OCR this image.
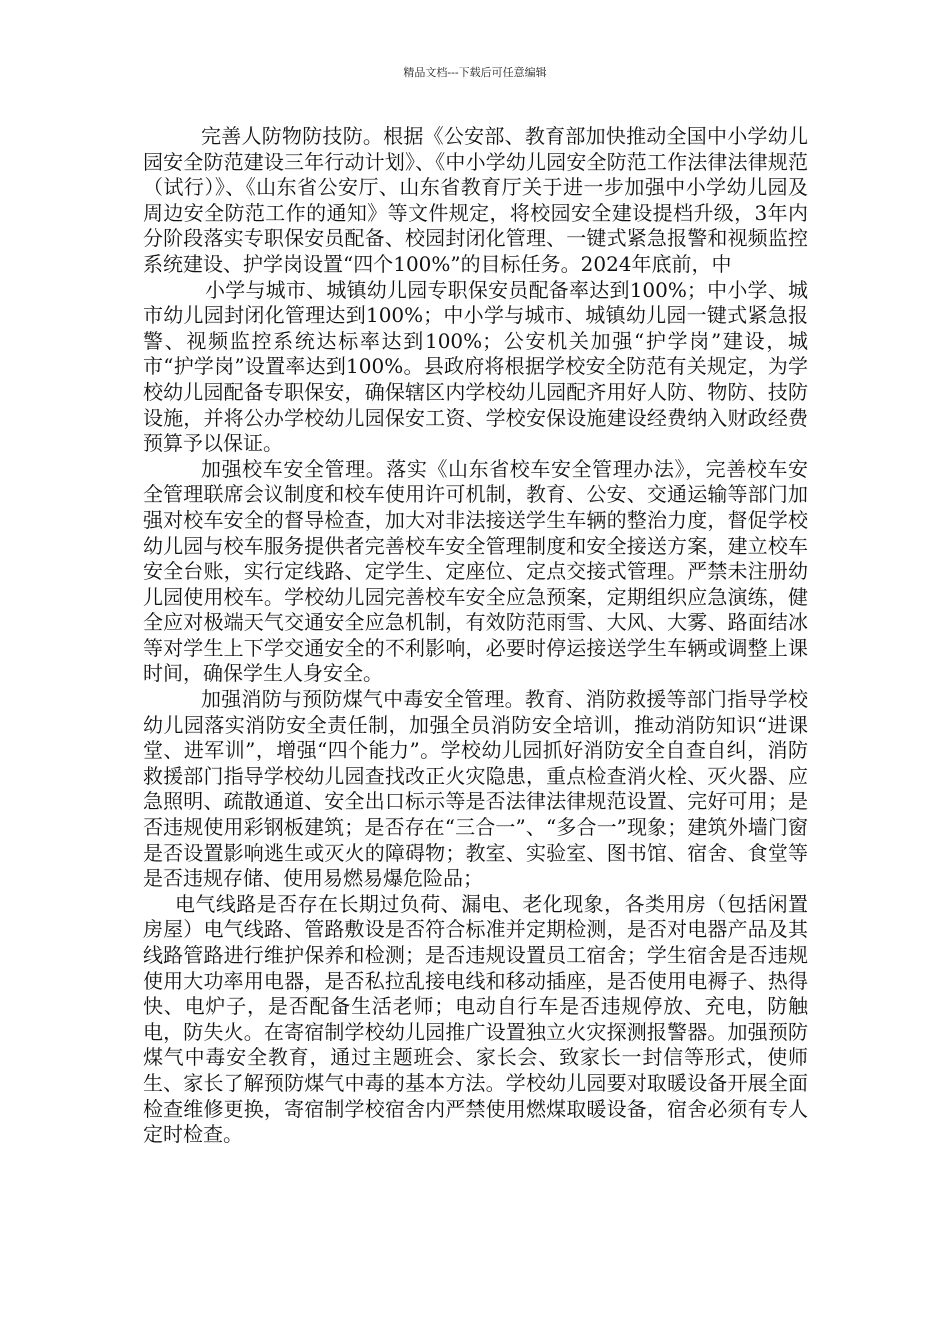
精品文档---下载后可任意编辑

完善人防物防技防。根据《公安部、教育部加快推动全国中小学幼儿园安全防范建设三年行动计划》、《中小学幼儿园安全防范工作法律法律规范（试行）》、《山东省公安厅、山东省教育厅关于进一步加强中小学幼儿园及周边安全防范工作的通知》等文件规定，将校园安全建设提档升级，3年内分阶段落实专职保安员配备、校园封闭化管理、一键式紧急报警和视频监控系统建设、护学岗设置“四个100%”的目标任务。2024年底前，中

小学与城市、城镇幼儿园专职保安员配备率达到100%；中小学、城市幼儿园封闭化管理达到100%；中小学与城市、城镇幼儿园一键式紧急报警、视频监控系统达标率达到100%；公安机关加强“护学岗”建设，城市“护学岗”设置率达到100%。县政府将根据学校安全防范有关规定，为学校幼儿园配备专职保安，确保辖区内学校幼儿园配齐用好人防、物防、技防设施，并将公办学校幼儿园保安工资、学校安保设施建设经费纳入财政经费预算予以保证。

加强校车安全管理。落实《山东省校车安全管理办法》，完善校车安全管理联席会议制度和校车使用许可机制，教育、公安、交通运输等部门加强对校车安全的督导检查，加大对非法接送学生车辆的整治力度，督促学校幼儿园与校车服务提供者完善校车安全管理制度和安全接送方案，建立校车安全台账，实行定线路、定学生、定座位、定点交接式管理。严禁未注册幼儿园使用校车。学校幼儿园完善校车安全应急预案，定期组织应急演练，健全应对极端天气交通安全应急机制，有效防范雨雪、大风、大雾、路面结冰等对学生上下学交通安全的不利影响，必要时停运接送学生车辆或调整上课时间，确保学生人身安全。

加强消防与预防煤气中毒安全管理。教育、消防救援等部门指导学校幼儿园落实消防安全责任制，加强全员消防安全培训，推动消防知识“进课堂、进军训”，增强“四个能力”。学校幼儿园抓好消防安全自查自纠，消防救援部门指导学校幼儿园查找改正火灾隐患，重点检查消火栓、灭火器、应急照明、疏散通道、安全出口标示等是否法律法律规范设置、完好可用；是否违规使用彩钢板建筑；是否存在“三合一”、“多合一”现象；建筑外墙门窗是否设置影响逃生或灭火的障碍物；教室、实验室、图书馆、宿舍、食堂等是否违规存储、使用易燃易爆危险品；

电气线路是否存在长期过负荷、漏电、老化现象，各类用房（包括闲置房屋）电气线路、管路敷设是否符合标准并定期检测，是否对电器产品及其线路管路进行维护保养和检测；是否违规设置员工宿舍；学生宿舍是否违规使用大功率用电器，是否私拉乱接电线和移动插座，是否使用电褥子、热得快、电炉子，是否配备生活老师；电动自行车是否违规停放、充电，防触电，防失火。在寄宿制学校幼儿园推广设置独立火灾探测报警器。加强预防煤气中毒安全教育，通过主题班会、家长会、致家长一封信等形式，使师生、家长了解预防煤气中毒的基本方法。学校幼儿园要对取暖设备开展全面检查维修更换，寄宿制学校宿舍内严禁使用燃煤取暖设备，宿舍必须有专人定时检查。
